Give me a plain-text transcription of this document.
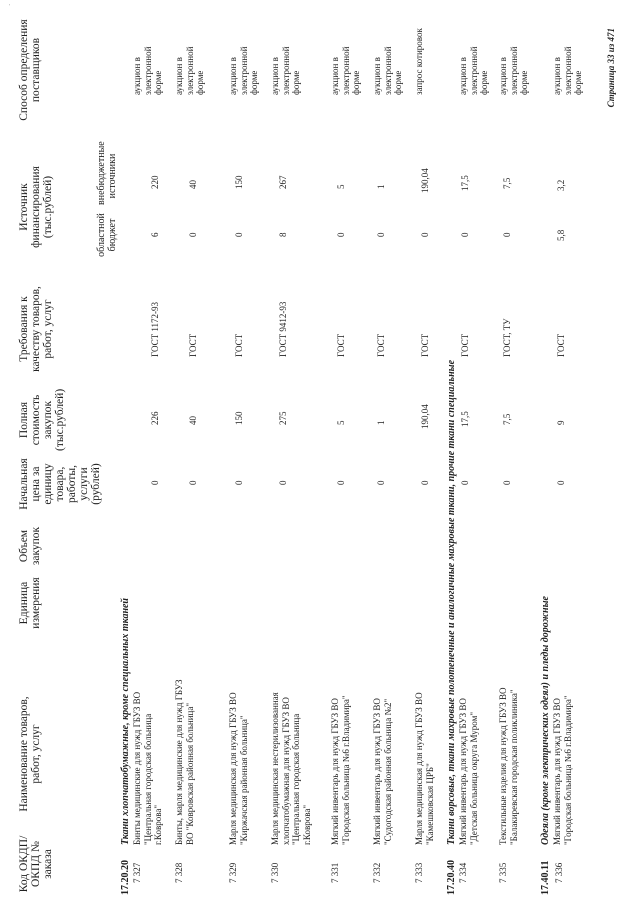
·
Код ОКДП/ ОКПД № заказа
Наименование товаров, работ, услуг
Единица измерения
Объем закупок
Начальная цена за единицу товара, работы, услуги (рублей)
Полная стоимость закупок (тыс.рублей)
Требования к качеству товаров, работ, услуг
Источник финансирования (тыс.рублей)	областной бюджет
внебюджетные источники
Способ определения поставщиков
17.20.20
Ткани хлопчатобумажные, кроме специальных тканей
7 327
Бинты медицинские для нужд ГБУЗ ВО "Центральная городская больница г.Коврова"
0
226
ГОСТ 1172-93
6
220
аукцион в электронной форме
7 328
Бинты, марля медицинские для нужд ГБУЗ ВО "Ковровская районная больница"
0
40
ГОСТ
0
40
аукцион в электронной форме
7 329
Марля медицинская для нужд ГБУЗ ВО "Киржачская районная больница"
0
150
ГОСТ
0
150
аукцион в электронной форме
7 330
Марля медицинская нестерилизованная хлопчатобумажная для нужд ГБУЗ ВО "Центральная городская больница г.Коврова"
0
275
ГОСТ 9412-93
8
267
аукцион в электронной форме
7 331
Мягкий инвентарь для нужд ГБУЗ ВО "Городская больница №6 г.Владимира"
0
5
ГОСТ
0
5
аукцион в электронной форме
7 332
Мягкий инвентарь для нужд ГБУЗ ВО "Судогодская районная больница №2"
0
1
ГОСТ
0
1
аукцион в электронной форме
7 333
Марля медицинская для нужд ГБУЗ ВО "Камешковская ЦРБ"
0
190,04
ГОСТ
0
190,04
запрос котировок
17.20.40
Ткани ворсовые, ткани махровые полотенечные и аналогичные махровые ткани, прочие ткани специальные
7 334
Мягкий инвентарь для нужд ГБУЗ ВО "Детская больница округа Муром"
0
17,5
ГОСТ
0
17,5
аукцион в электронной форме
7 335
Текстильные изделия для нужд ГБУЗ ВО "Балакиревская городская поликлиника"
0
7,5
ГОСТ, ТУ
0
7,5
аукцион в электронной форме
17.40.11
Одеяла (кроме электрических одеял) и пледы дорожные
7 336
Мягкий инвентарь для нужд ГБУЗ ВО "Городская больница №6 г.Владимира"
0
9
ГОСТ
5,8
3,2
аукцион в электронной форме	Страница 33 из 471
